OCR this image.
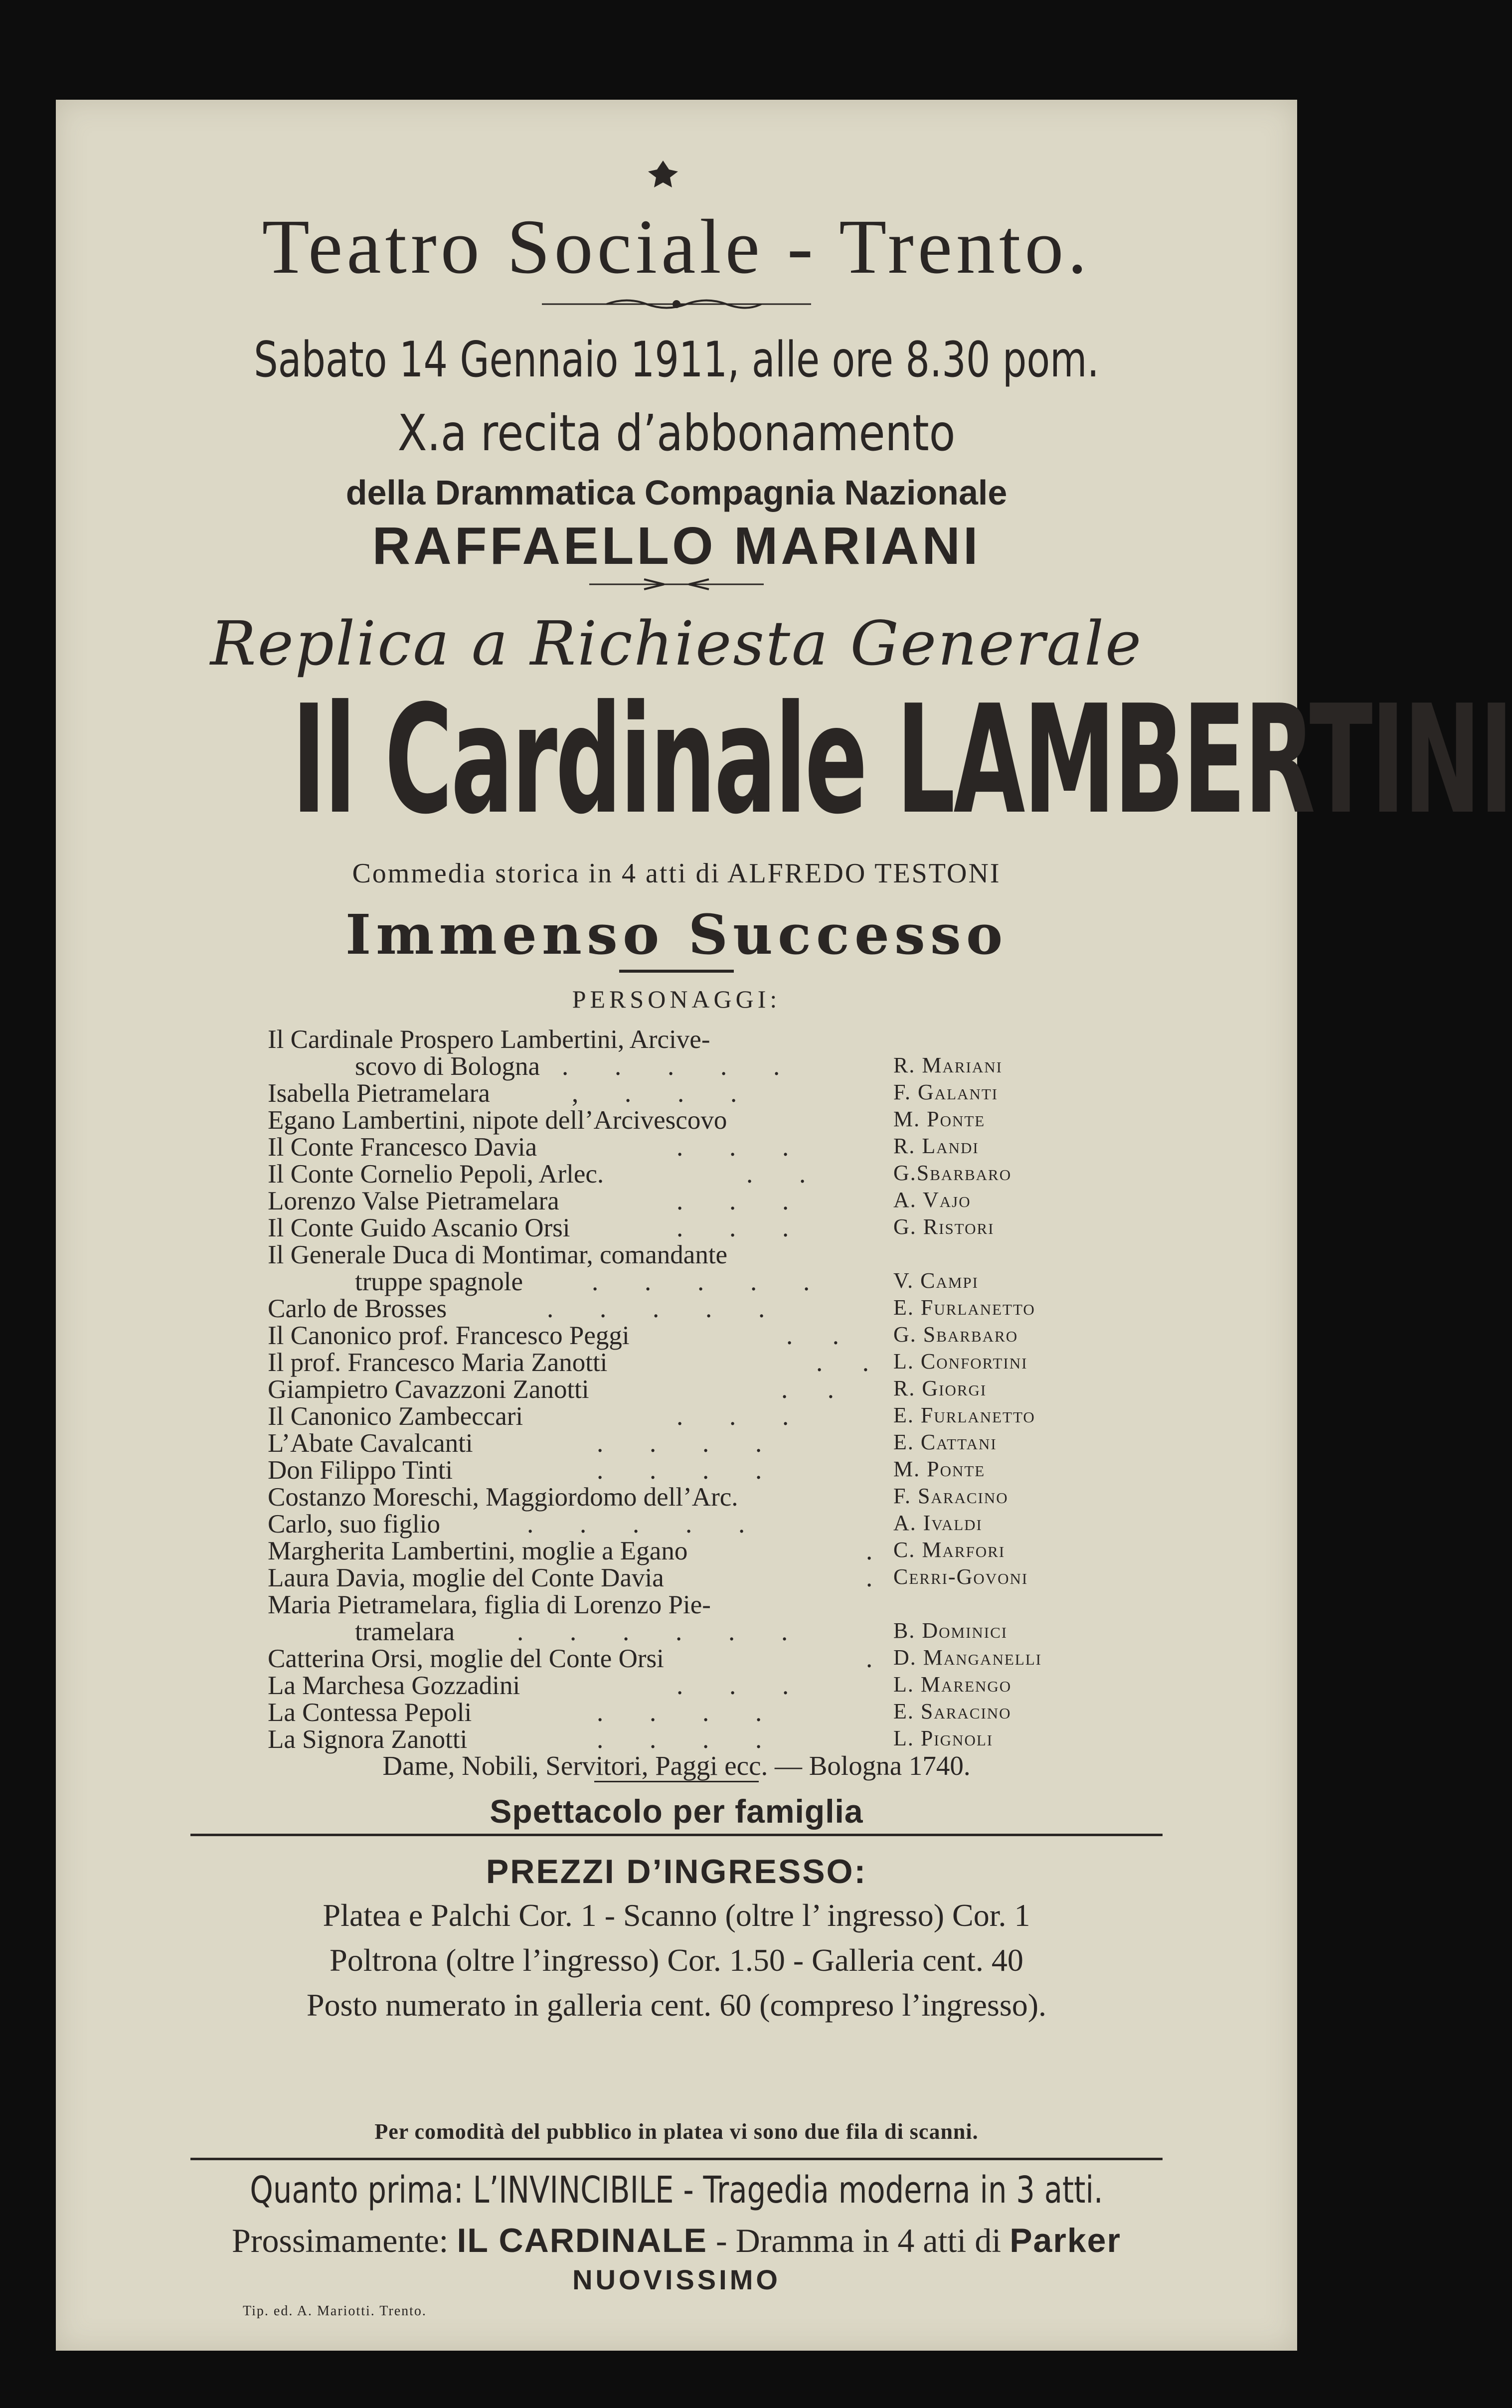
Teatro Sociale - Trento.
Sabato 14 Gennaio 1911, alle ore 8.30 pom.
X.a recita d’abbonamento
della Drammatica Compagnia Nazionale
RAFFAELLO MARIANI
Replica a Richiesta Generale
Il Cardinale LAMBERTINI
Commedia storica in 4 atti di ALFREDO TESTONI
Immenso Successo
PERSONAGGI:
Il Cardinale Prospero Lambertini, Arcive-
scovo di Bologna .       .       .       .       .	R. Mariani
Isabella Pietramelara	,       .       .       .	F. Galanti
Egano Lambertini, nipote dell’Arcivescovo	M. Ponte
Il Conte Francesco Davia	.       .       .	R. Landi
Il Conte Cornelio Pepoli, Arlec.	.       .	G.Sbarbaro
Lorenzo Valse Pietramelara	.       .       .	A. Vajo
Il Conte Guido Ascanio Orsi	.       .       .	G. Ristori
Il Generale Duca di Montimar, comandante
truppe spagnole	.       .       .       .       .	V. Campi
Carlo de Brosses	.       .       .       .       .	E. Furlanetto
Il Canonico prof. Francesco Peggi	.      . G. Sbarbaro
Il prof. Francesco Maria Zanotti	.      . L. Confortini
Giampietro Cavazzoni Zanotti	.      .	R. Giorgi
Il Canonico Zambeccari	.       .       .	E. Furlanetto
L’Abate Cavalcanti	.       .       .       .	E. Cattani
Don Filippo Tinti	.       .       .       .	M. Ponte
Costanzo Moreschi, Maggiordomo dell’Arc.	F. Saracino
Carlo, suo figlio	.       .       .       .       .	A. Ivaldi
Margherita Lambertini, moglie a Egano	. C. Marfori
Laura Davia, moglie del Conte Davia	. Cerri-Govoni
Maria Pietramelara, figlia di Lorenzo Pie-
tramelara .       .       .       .       .       .	B. Dominici
Catterina Orsi, moglie del Conte Orsi	. D. Manganelli
La Marchesa Gozzadini	.       .       .	L. Marengo
La Contessa Pepoli	.       .       .       .	E. Saracino
La Signora Zanotti	.       .       .       .	L. Pignoli
Dame, Nobili, Servitori, Paggi ecc. — Bologna 1740.
Spettacolo per famiglia
PREZZI D’INGRESSO:
Platea e Palchi Cor. 1 - Scanno (oltre l’ ingresso) Cor. 1
Poltrona (oltre l’ingresso) Cor. 1.50 - Galleria cent. 40
Posto numerato in galleria cent. 60 (compreso l’ingresso).
Per comodità del pubblico in platea vi sono due fila di scanni.
Quanto prima: L’INVINCIBILE - Tragedia moderna in 3 atti.
Prossimamente: IL CARDINALE - Dramma in 4 atti di Parker
NUOVISSIMO
Tip. ed. A. Mariotti. Trento.
